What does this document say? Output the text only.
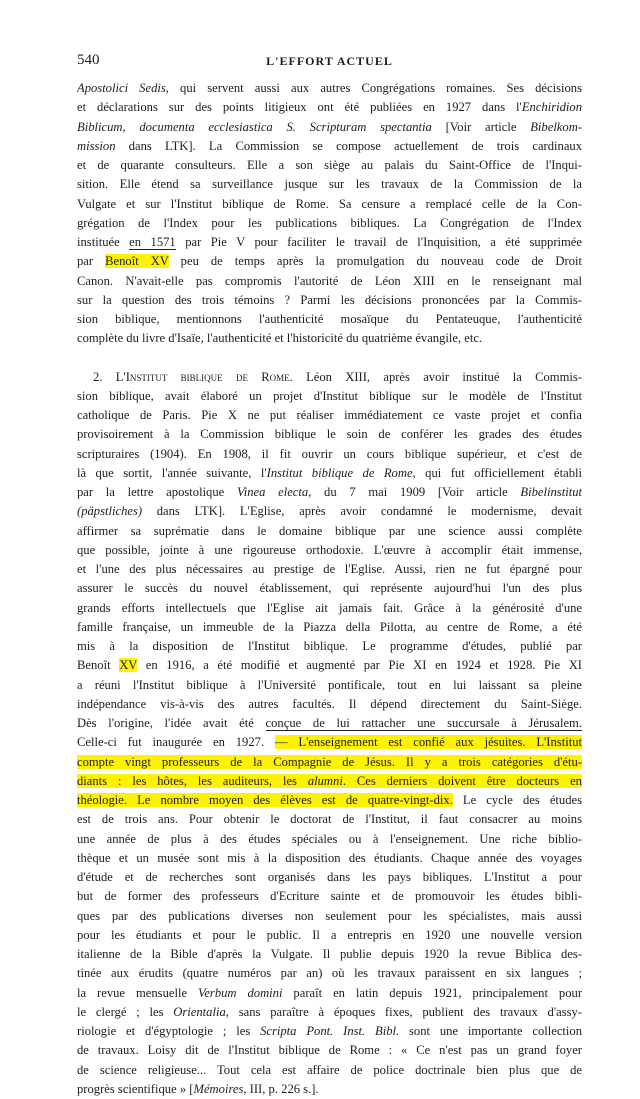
540	L'EFFORT ACTUEL
Apostolici Sedis, qui servent aussi aux autres Congrégations romaines. Ses décisions
et déclarations sur des points litigieux ont été publiées en 1927 dans l'Enchiridion
Biblicum, documenta ecclesiastica S. Scripturam spectantia [Voir article Bibelkom-
mission dans LTK]. La Commission se compose actuellement de trois cardinaux
et de quarante consulteurs. Elle a son siège au palais du Saint-Office de l'Inqui-
sition. Elle étend sa surveillance jusque sur les travaux de la Commission de la
Vulgate et sur l'Institut biblique de Rome. Sa censure a remplacé celle de la Con-
grégation de l'Index pour les publications bibliques. La Congrégation de l'Index
instituée en 1571 par Pie V pour faciliter le travail de l'Inquisition, a été supprimée
par Benoît XV peu de temps après la promulgation du nouveau code de Droit
Canon. N'avait-elle pas compromis l'autorité de Léon XIII en le renseignant mal
sur la question des trois témoins ? Parmi les décisions prononcées par la Commis-
sion biblique, mentionnons l'authenticité mosaïque du Pentateuque, l'authenticité
complète du livre d'Isaïe, l'authenticité et l'historicité du quatrième évangile, etc.
2. L'Institut biblique de Rome. Léon XIII, après avoir institué la Commis-
sion biblique, avait élaboré un projet d'Institut biblique sur le modèle de l'Institut
catholique de Paris. Pie X ne put réaliser immédiatement ce vaste projet et confia
provisoirement à la Commission biblique le soin de conférer les grades des études
scripturaires (1904). En 1908, il fit ouvrir un cours biblique supérieur, et c'est de
là que sortit, l'année suivante, l'Institut biblique de Rome, qui fut officiellement établi
par la lettre apostolique Vinea electa, du 7 mai 1909 [Voir article Bibelinstitut
(päpstliches) dans LTK]. L'Eglise, après avoir condamné le modernisme, devait
affirmer sa suprématie dans le domaine biblique par une science aussi complète
que possible, jointe à une rigoureuse orthodoxie. L'œuvre à accomplir était immense,
et l'une des plus nécessaires au prestige de l'Eglise. Aussi, rien ne fut épargné pour
assurer le succès du nouvel établissement, qui représente aujourd'hui l'un des plus
grands efforts intellectuels que l'Eglise ait jamais fait. Grâce à la générosité d'une
famille française, un immeuble de la Piazza della Pilotta, au centre de Rome, a été
mis à la disposition de l'Institut biblique. Le programme d'études, publié par
Benoît XV en 1916, a été modifié et augmenté par Pie XI en 1924 et 1928. Pie XI
a réuni l'Institut biblique à l'Université pontificale, tout en lui laissant sa pleine
indépendance vis-à-vis des autres facultés. Il dépend directement du Saint-Siège.
Dès l'origine, l'idée avait été conçue de lui rattacher une succursale à Jérusalem.
Celle-ci fut inaugurée en 1927. — L'enseignement est confié aux jésuites. L'Institut
compte vingt professeurs de la Compagnie de Jésus. Il y a trois catégories d'étu-
diants : les hôtes, les auditeurs, les alumni. Ces derniers doivent être docteurs en
théologie. Le nombre moyen des élèves est de quatre-vingt-dix. Le cycle des études
est de trois ans. Pour obtenir le doctorat de l'Institut, il faut consacrer au moins
une année de plus à des études spéciales ou à l'enseignement. Une riche biblio-
thèque et un musée sont mis à la disposition des étudiants. Chaque année des voyages
d'étude et de recherches sont organisés dans les pays bibliques. L'Institut a pour
but de former des professeurs d'Ecriture sainte et de promouvoir les études bibli-
ques par des publications diverses non seulement pour les spécialistes, mais aussi
pour les étudiants et pour le public. Il a entrepris en 1920 une nouvelle version
italienne de la Bible d'après la Vulgate. Il publie depuis 1920 la revue Biblica des-
tinée aux érudits (quatre numéros par an) où les travaux paraissent en six langues ;
la revue mensuelle Verbum domini paraît en latin depuis 1921, principalement pour
le clergé ; les Orientalia, sans paraître à époques fixes, publient des travaux d'assy-
riologie et d'égyptologie ; les Scripta Pont. Inst. Bibl. sont une importante collection
de travaux. Loisy dit de l'Institut biblique de Rome : « Ce n'est pas un grand foyer
de science religieuse... Tout cela est affaire de police doctrinale bien plus que de
progrès scientifique » [Mémoires, III, p. 226 s.].
